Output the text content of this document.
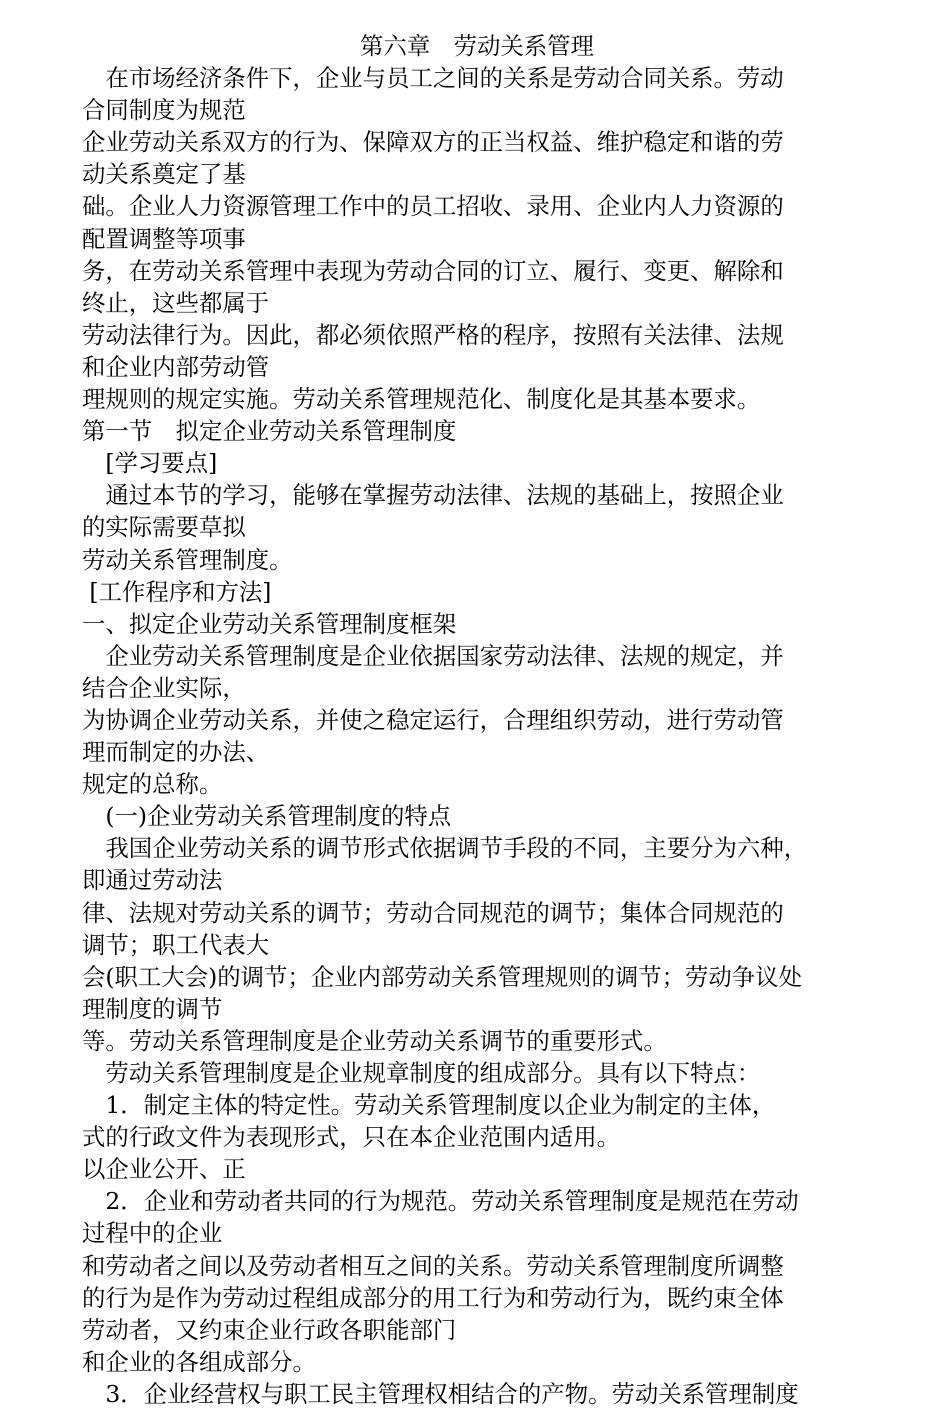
第六章　劳动关系管理
　在市场经济条件下，企业与员工之间的关系是劳动合同关系。劳动
合同制度为规范
企业劳动关系双方的行为、保障双方的正当权益、维护稳定和谐的劳
动关系奠定了基
础。企业人力资源管理工作中的员工招收、录用、企业内人力资源的
配置调整等项事
务，在劳动关系管理中表现为劳动合同的订立、履行、变更、解除和
终止，这些都属于
劳动法律行为。因此，都必须依照严格的程序，按照有关法律、法规
和企业内部劳动管
理规则的规定实施。劳动关系管理规范化、制度化是其基本要求。
第一节　拟定企业劳动关系管理制度
　[学习要点]
　通过本节的学习，能够在掌握劳动法律、法规的基础上，按照企业
的实际需要草拟
劳动关系管理制度。
[工作程序和方法]
一、拟定企业劳动关系管理制度框架
　企业劳动关系管理制度是企业依据国家劳动法律、法规的规定，并
结合企业实际，
为协调企业劳动关系，并使之稳定运行，合理组织劳动，进行劳动管
理而制定的办法、
规定的总称。
　(一)企业劳动关系管理制度的特点
　我国企业劳动关系的调节形式依据调节手段的不同，主要分为六种，
即通过劳动法
律、法规对劳动关系的调节；劳动合同规范的调节；集体合同规范的
调节；职工代表大
会(职工大会)的调节；企业内部劳动关系管理规则的调节；劳动争议处
理制度的调节
等。劳动关系管理制度是企业劳动关系调节的重要形式。
　劳动关系管理制度是企业规章制度的组成部分。具有以下特点：
　1．制定主体的特定性。劳动关系管理制度以企业为制定的主体，
式的行政文件为表现形式，只在本企业范围内适用。
以企业公开、正
　2．企业和劳动者共同的行为规范。劳动关系管理制度是规范在劳动
过程中的企业
和劳动者之间以及劳动者相互之间的关系。劳动关系管理制度所调整
的行为是作为劳动过程组成部分的用工行为和劳动行为，既约束全体
劳动者，又约束企业行政各职能部门
和企业的各组成部分。
　3．企业经营权与职工民主管理权相结合的产物。劳动关系管理制度
